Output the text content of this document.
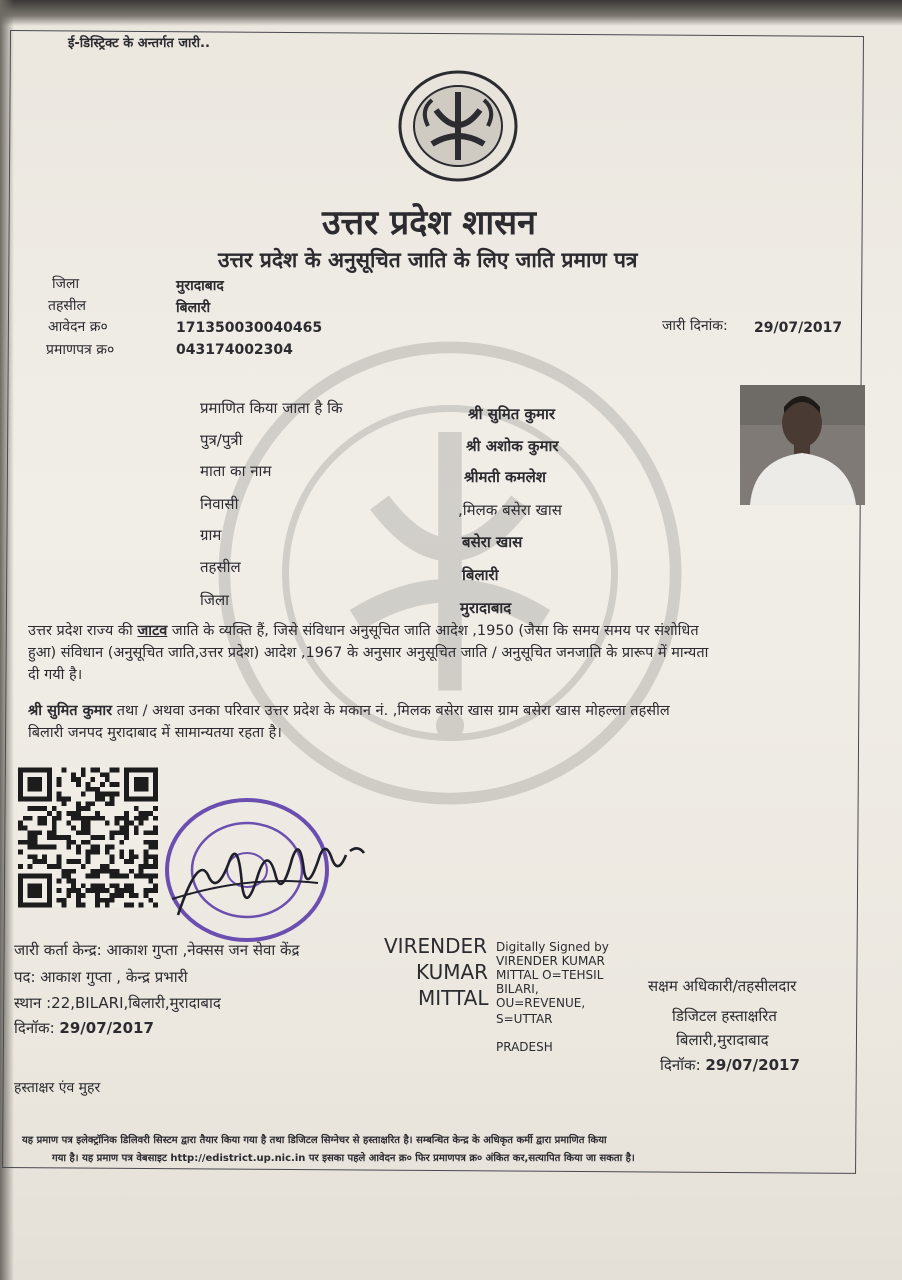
ई-डिस्ट्रिक्ट के अन्तर्गत जारी..
उत्तर प्रदेश शासन
उत्तर प्रदेश के अनुसूचित जाति के लिए जाति प्रमाण पत्र
जिला	मुरादाबाद
तहसील	बिलारी
आवेदन क्र०	171350030040465
प्रमाणपत्र क्र०	043174002304
जारी दिनांक: 29/07/2017
प्रमाणित किया जाता है कि	श्री सुमित कुमार
पुत्र/पुत्री	श्री अशोक कुमार
माता का नाम	श्रीमती कमलेश
निवासी	,मिलक बसेरा खास
ग्राम	बसेरा खास
तहसील	बिलारी
जिला	मुरादाबाद
उत्तर प्रदेश राज्य की जाटव जाति के व्यक्ति हैं, जिसे संविधान अनुसूचित जाति आदेश ,1950 (जैसा कि समय समय पर संशोधित
हुआ) संविधान (अनुसूचित जाति,उत्तर प्रदेश) आदेश ,1967 के अनुसार अनुसूचित जाति / अनुसूचित जनजाति के प्रारूप में मान्यता
दी गयी है।
श्री सुमित कुमार तथा / अथवा उनका परिवार उत्तर प्रदेश के मकान नं. ,मिलक बसेरा खास ग्राम बसेरा खास मोहल्ला तहसील
बिलारी जनपद मुरादाबाद में सामान्यतया रहता है।
जारी कर्ता केन्द्र: आकाश गुप्ता ,नेक्सस जन सेवा केंद्र
पद: आकाश गुप्ता , केन्द्र प्रभारी
स्थान :22,BILARI,बिलारी,मुरादाबाद
दिनॉक: 29/07/2017
हस्ताक्षर एंव मुहर
VIRENDER
KUMAR
MITTAL
Digitally Signed by
VIRENDER KUMAR
MITTAL O=TEHSIL
BILARI,
OU=REVENUE,
S=UTTAR
PRADESH
सक्षम अधिकारी/तहसीलदार
डिजिटल हस्ताक्षरित
बिलारी,मुरादाबाद
दिनॉक: 29/07/2017
यह प्रमाण पत्र इलेक्ट्रॉनिक डिलिवरी सिस्टम द्वारा तैयार किया गया है तथा डिजिटल सिग्नेचर से हस्ताक्षरित है। सम्बन्धित केन्द्र के अधिकृत कर्मी द्वारा प्रमाणित किया
गया है। यह प्रमाण पत्र वेबसाइट http://edistrict.up.nic.in पर इसका पहले आवेदन क्र० फिर प्रमाणपत्र क्र० अंकित कर,सत्यापित किया जा सकता है।
